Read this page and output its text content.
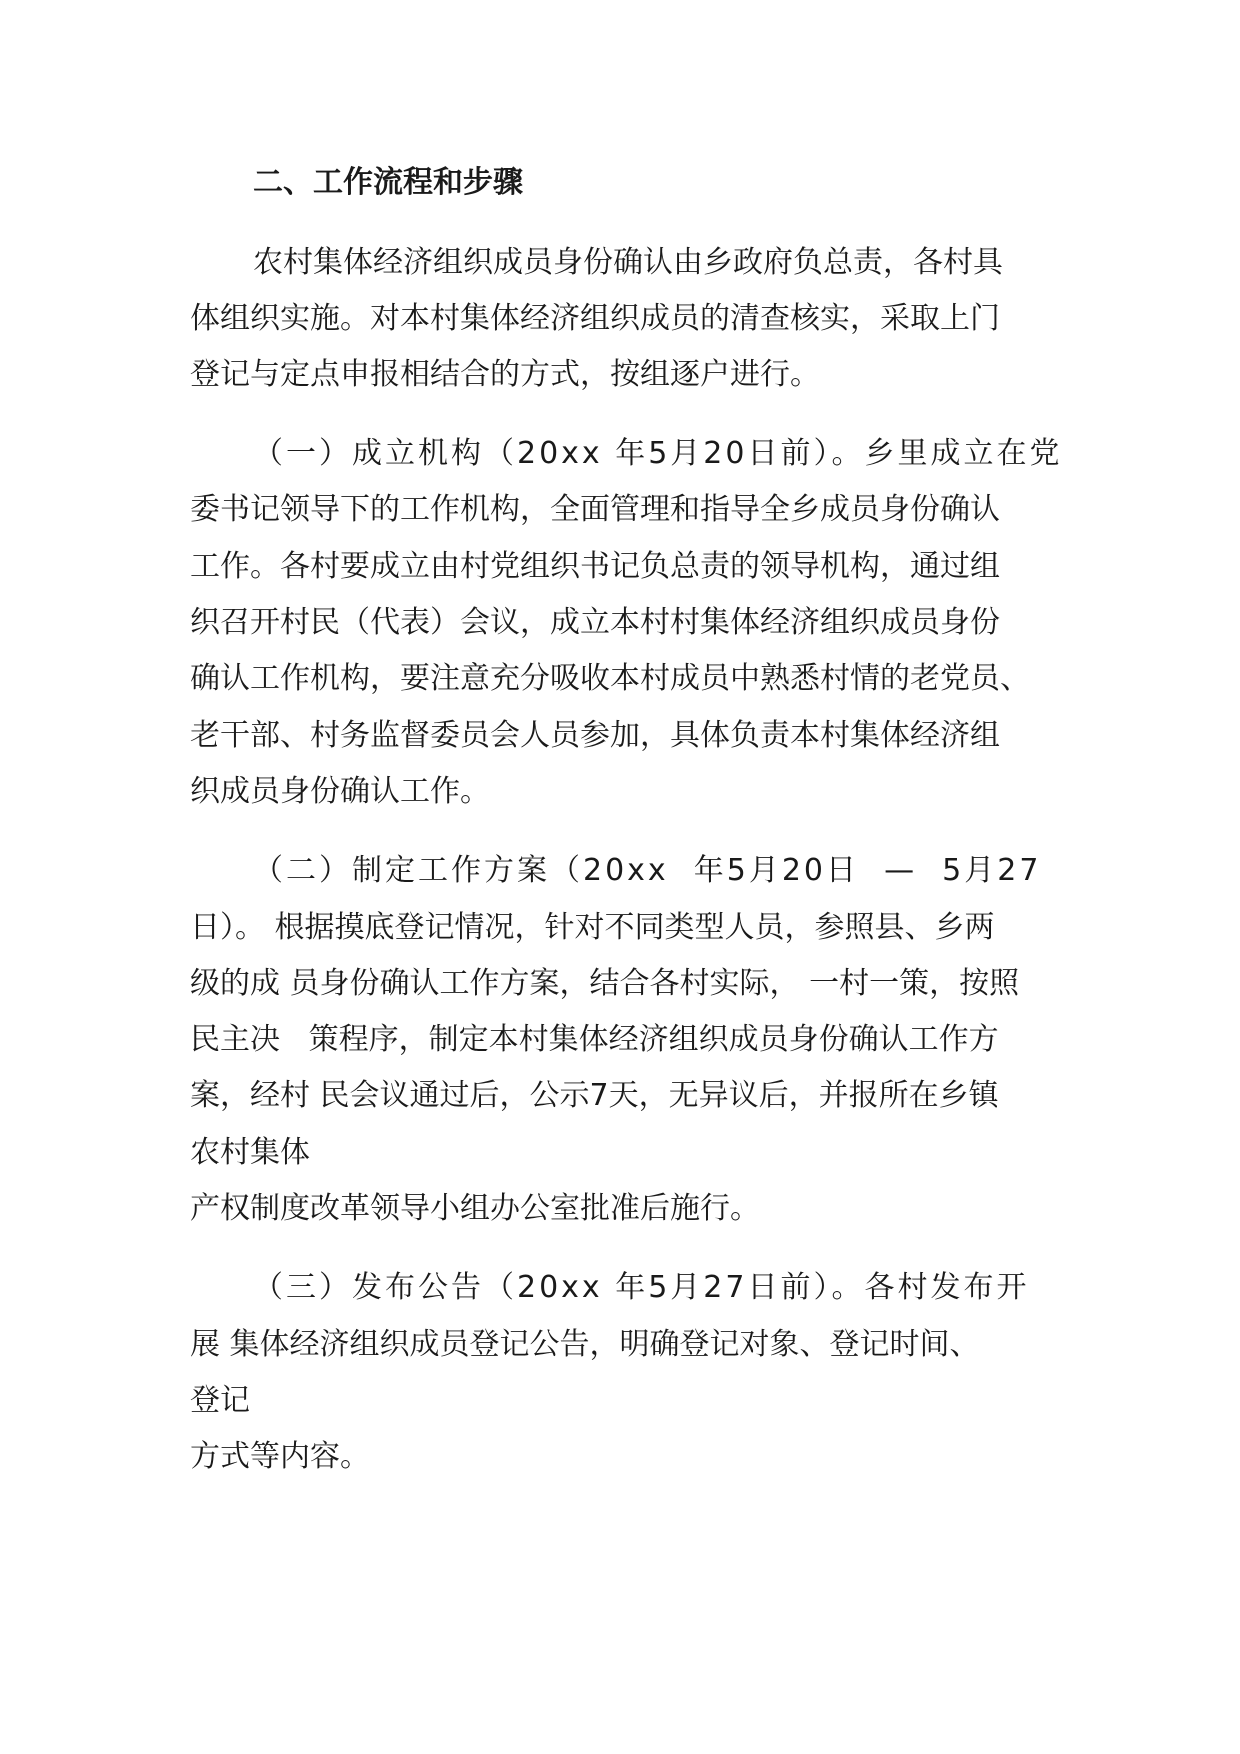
二、工作流程和步骤

农村集体经济组织成员身份确认由乡政府负总责，各村具

体组织实施。对本村集体经济组织成员的清查核实，采取上门

登记与定点申报相结合的方式，按组逐户进行。

（一）成立机构（20xx 年5月20日前）。乡里成立在党

委书记领导下的工作机构，全面管理和指导全乡成员身份确认

工作。各村要成立由村党组织书记负总责的领导机构，通过组

织召开村民（代表）会议，成立本村村集体经济组织成员身份

确认工作机构，要注意充分吸收本村成员中熟悉村情的老党员、

老干部、村务监督委员会人员参加，具体负责本村集体经济组

织成员身份确认工作。

（二）制定工作方案（20xx  年5月20日  —  5月27

日）。 根据摸底登记情况，针对不同类型人员，参照县、乡两

级的成 员身份确认工作方案，结合各村实际， 一村一策，按照

民主决   策程序，制定本村集体经济组织成员身份确认工作方

案，经村 民会议通过后，公示7天，无异议后，并报所在乡镇

农村集体

产权制度改革领导小组办公室批准后施行。

（三）发布公告（20xx 年5月27日前）。各村发布开

展 集体经济组织成员登记公告，明确登记对象、登记时间、

登记

方式等内容。
